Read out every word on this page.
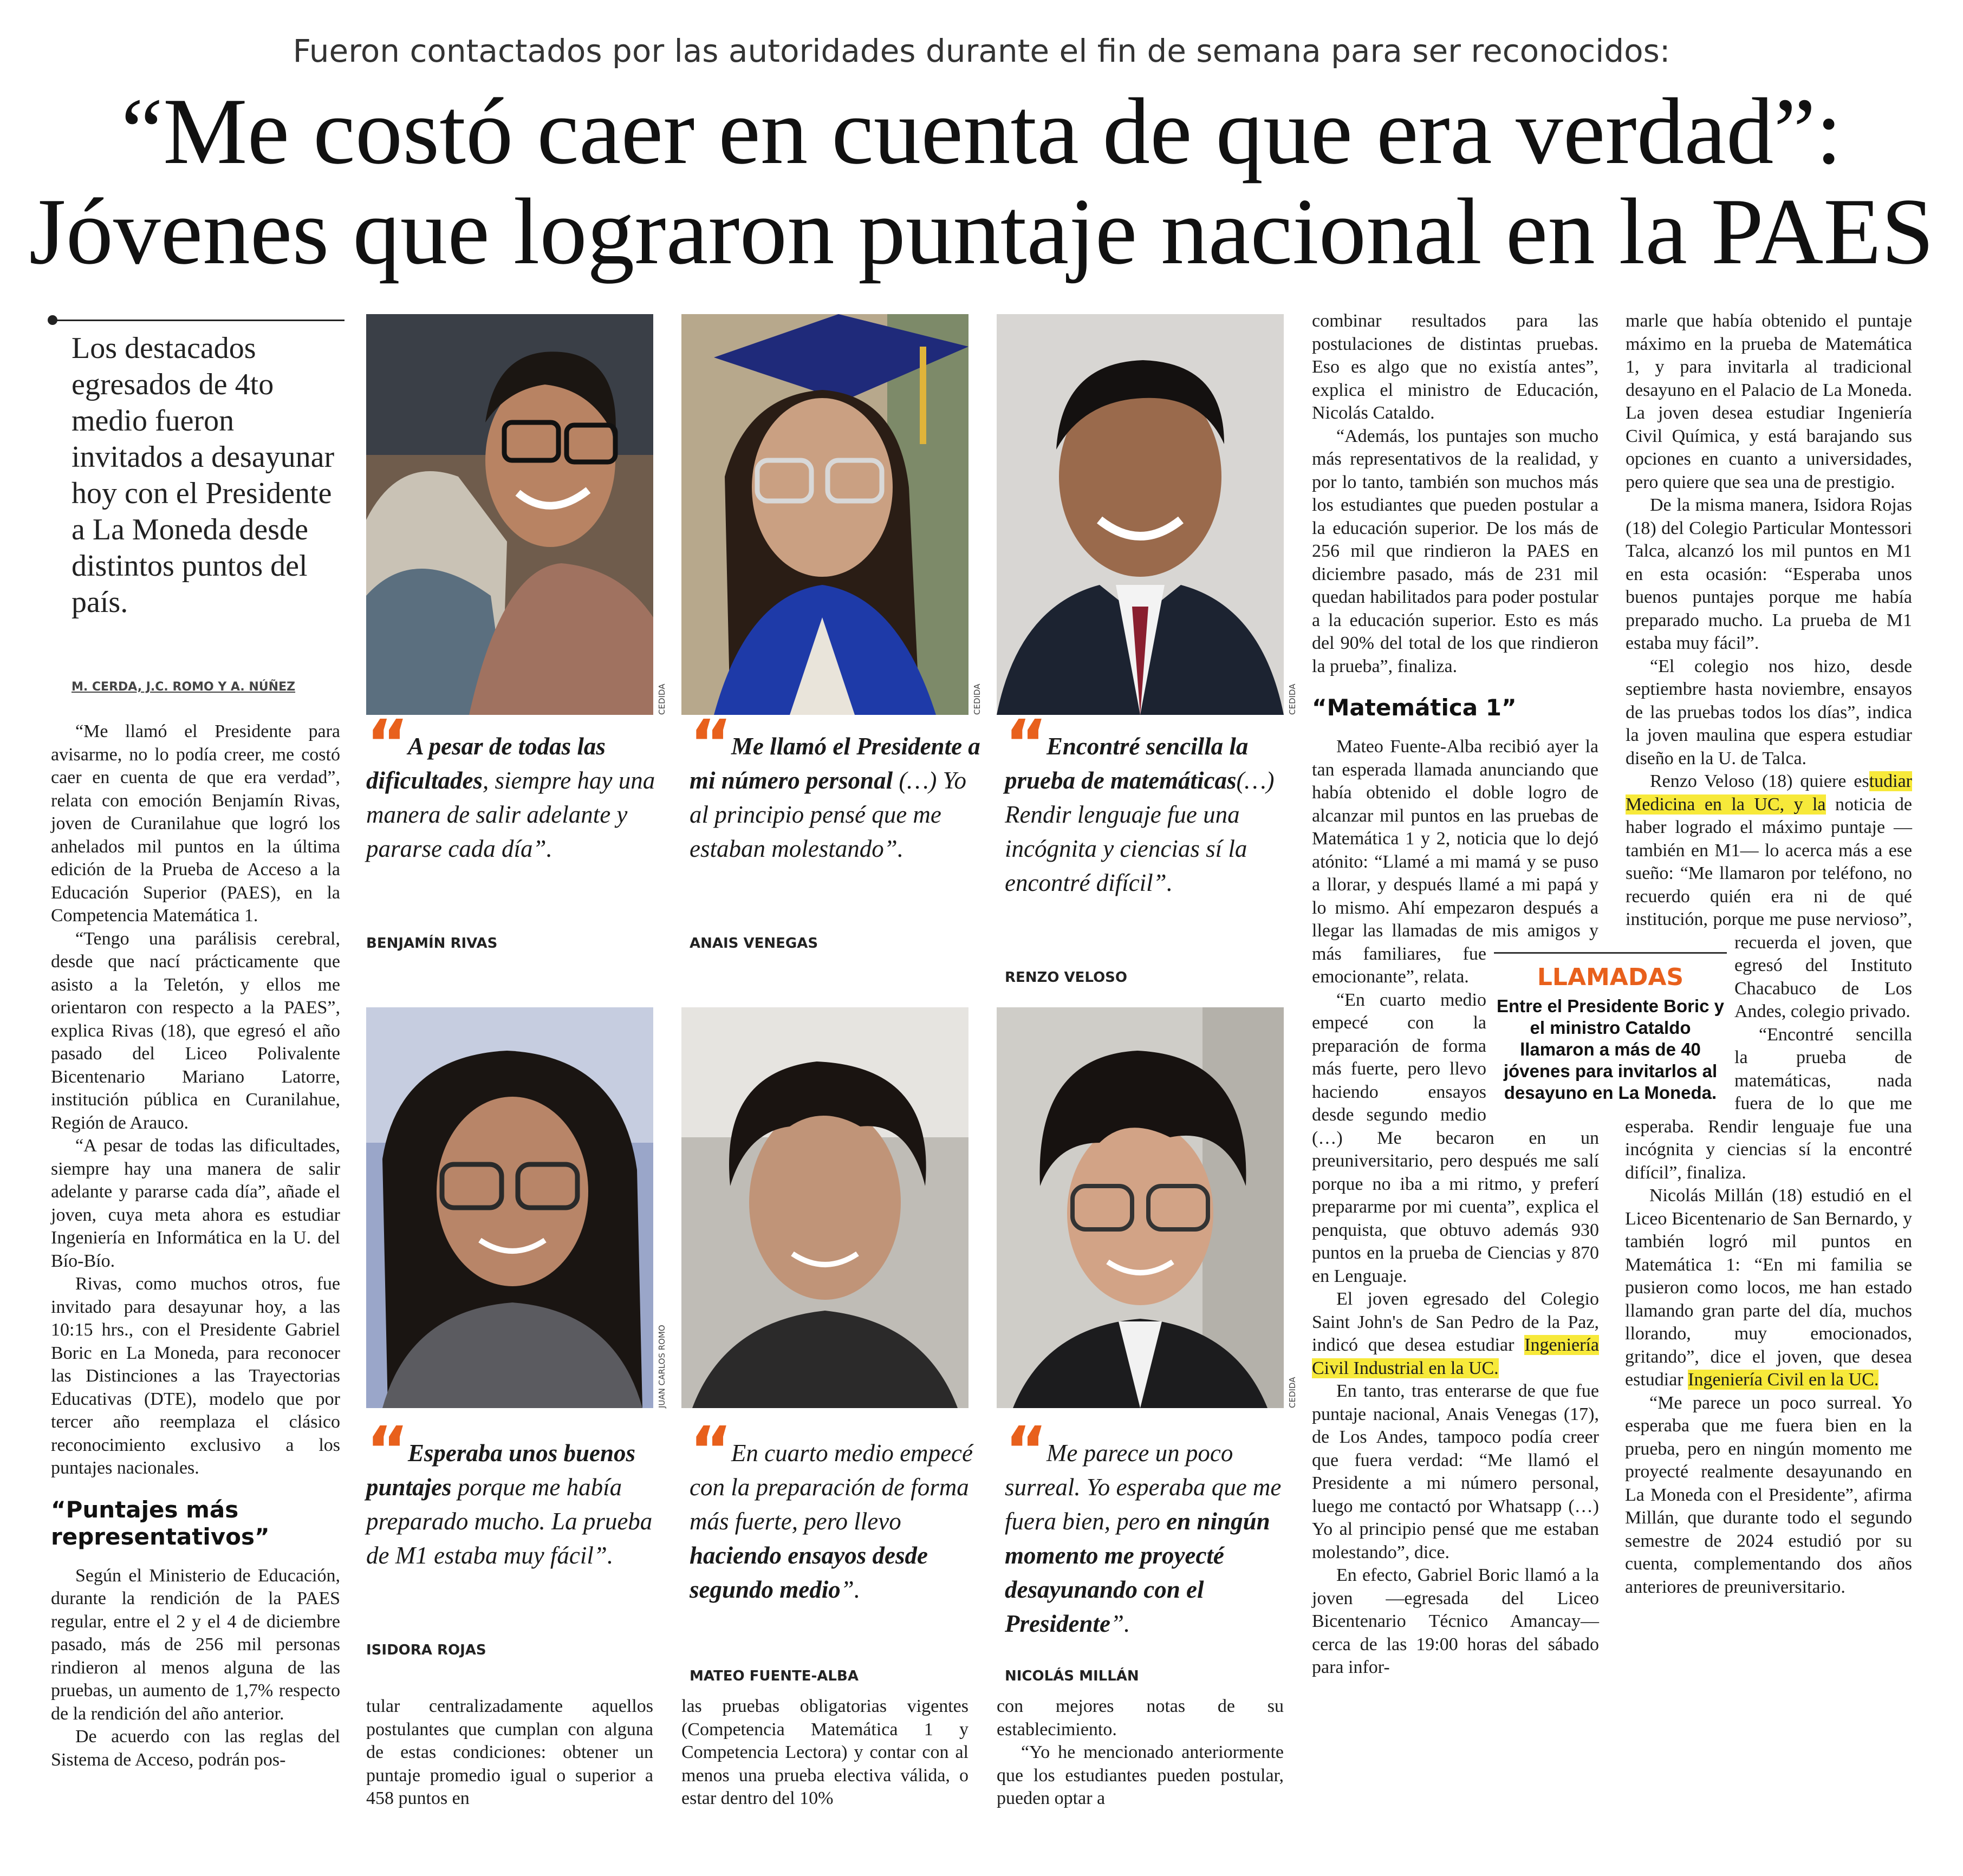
Fueron contactados por las autoridades durante el fin de semana para ser reconocidos:
“Me costó caer en cuenta de que era verdad”:
Jóvenes que lograron puntaje nacional en la PAES
Los destacados egresados de 4to medio fueron invitados a desayunar hoy con el Presidente a La Moneda desde distintos puntos del país.
M. CERDA, J.C. ROMO Y A. NÚÑEZ

“Me llamó el Presidente para avisarme, no lo podía creer, me costó caer en cuenta de que era verdad”, relata con emoción Benjamín Rivas, joven de Curanilahue que logró los anhelados mil puntos en la última edición de la Prueba de Acceso a la Educación Superior (PAES), en la Competencia Matemática 1.

“Tengo una parálisis cerebral, desde que nací prácticamente que asisto a la Teletón, y ellos me orientaron con respecto a la PAES”, explica Rivas (18), que egresó el año pasado del Liceo Polivalente Bicentenario Mariano Latorre, institución pública en Curanilahue, Región de Arauco.

“A pesar de todas las dificultades, siempre hay una manera de salir adelante y pararse cada día”, añade el joven, cuya meta ahora es estudiar Ingeniería en Informática en la U. del Bío-Bío.

Rivas, como muchos otros, fue invitado para desayunar hoy, a las 10:15 hrs., con el Presidente Gabriel Boric en La Moneda, para reconocer las Distinciones a las Trayectorias Educativas (DTE), modelo que por tercer año reemplaza el clásico reconocimiento exclusivo a los puntajes nacionales.

“Puntajes más representativos”

Según el Ministerio de Educación, durante la rendición de la PAES regular, entre el 2 y el 4 de diciembre pasado, más de 256 mil personas rindieron al menos alguna de las pruebas, un aumento de 1,7% respecto de la rendición del año anterior.

De acuerdo con las reglas del Sistema de Acceso, podrán pos-

CEDIDA	CEDIDA	CEDIDA
“ A pesar de todas las dificultades, siempre hay una manera de salir adelante y pararse cada día”.
BENJAMÍN RIVAS
“ Me llamó el Presidente a mi número personal (…) Yo al principio pensé que me estaban molestando”.
ANAIS VENEGAS
“ Encontré sencilla la prueba de matemáticas(…) Rendir lenguaje fue una incógnita y ciencias sí la encontré difícil”.
RENZO VELOSO
JUAN CARLOS ROMO	CEDIDA
“ Esperaba unos buenos puntajes porque me había preparado mucho. La prueba de M1 estaba muy fácil”.
ISIDORA ROJAS
“ En cuarto medio empecé con la preparación de forma más fuerte, pero llevo haciendo ensayos desde segundo medio”.
MATEO FUENTE-ALBA
“ Me parece un poco surreal. Yo esperaba que me fuera bien, pero en ningún momento me proyecté desayunando con el Presidente”.
NICOLÁS MILLÁN

tular centralizadamente aquellos postulantes que cumplan con alguna de estas condiciones: obtener un puntaje promedio igual o superior a 458 puntos en

las pruebas obligatorias vigentes (Competencia Matemática 1 y Competencia Lectora) y contar con al menos una prueba electiva válida, o estar dentro del 10%

con mejores notas de su establecimiento.

“Yo he mencionado anteriormente que los estudiantes pueden postular, pueden optar a

combinar resultados para las postulaciones de distintas pruebas. Eso es algo que no existía antes”, explica el ministro de Educación, Nicolás Cataldo.

“Además, los puntajes son mucho más representativos de la realidad, y por lo tanto, también son muchos más los estudiantes que pueden postular a la educación superior. De los más de 256 mil que rindieron la PAES en diciembre pasado, más de 231 mil quedan habilitados para poder postular a la educación superior. Esto es más del 90% del total de los que rindieron la prueba”, finaliza.

“Matemática 1”

Mateo Fuente-Alba recibió ayer la tan esperada llamada anunciando que había obtenido el doble logro de alcanzar mil puntos en las pruebas de Matemática 1 y 2, noticia que lo dejó atónito: “Llamé a mi mamá y se puso a llorar, y después llamé a mi papá y lo mismo. Ahí empezaron después a llegar las llamadas de mis amigos y más familiares, fue emocionante”, relata.

“En cuarto medio empecé con la preparación de forma más fuerte, pero llevo haciendo ensayos desde segundo medio (…) Me becaron en un preuniversitario, pero después me salí porque no iba a mi ritmo, y preferí prepararme por mi cuenta”, explica el penquista, que obtuvo además 930 puntos en la prueba de Ciencias y 870 en Lenguaje.

El joven egresado del Colegio Saint John's de San Pedro de la Paz, indicó que desea estudiar Ingeniería Civil Industrial en la UC.

En tanto, tras enterarse de que fue puntaje nacional, Anais Venegas (17), de Los Andes, tampoco podía creer que fuera verdad: “Me llamó el Presidente a mi número personal, luego me contactó por Whatsapp (…) Yo al principio pensé que me estaban molestando”, dice.

En efecto, Gabriel Boric llamó a la joven —egresada del Liceo Bicentenario Técnico Amancay— cerca de las 19:00 horas del sábado para infor-

marle que había obtenido el puntaje máximo en la prueba de Matemática 1, y para invitarla al tradicional desayuno en el Palacio de La Moneda. La joven desea estudiar Ingeniería Civil Química, y está barajando sus opciones en cuanto a universidades, pero quiere que sea una de prestigio.

De la misma manera, Isidora Rojas (18) del Colegio Particular Montessori Talca, alcanzó los mil puntos en M1 en esta ocasión: “Esperaba unos buenos puntajes porque me había preparado mucho. La prueba de M1 estaba muy fácil”.

“El colegio nos hizo, desde septiembre hasta noviembre, ensayos de las pruebas todos los días”, indica la joven maulina que espera estudiar diseño en la U. de Talca.

Renzo Veloso (18) quiere estudiar Medicina en la UC, y la noticia de haber logrado el máximo puntaje —también en M1— lo acerca más a ese sueño: “Me llamaron por teléfono, no recuerdo quién era ni de qué institución, porque me puse nervioso”, recuerda el joven, que egresó del Instituto Chacabuco de Los Andes, colegio privado.

“Encontré sencilla la prueba de matemáticas, nada fuera de lo que me esperaba. Rendir lenguaje fue una incógnita y ciencias sí la encontré difícil”, finaliza.

Nicolás Millán (18) estudió en el Liceo Bicentenario de San Bernardo, y también logró mil puntos en Matemática 1: “En mi familia se pusieron como locos, me han estado llamando gran parte del día, muchos llorando, muy emocionados, gritando”, dice el joven, que desea estudiar Ingeniería Civil en la UC.

“Me parece un poco surreal. Yo esperaba que me fuera bien en la prueba, pero en ningún momento me proyecté realmente desayunando en La Moneda con el Presidente”, afirma Millán, que durante todo el segundo semestre de 2024 estudió por su cuenta, complementando dos años anteriores de preuniversitario.

LLAMADAS
Entre el Presidente Boric y el ministro Cataldo llamaron a más de 40 jóvenes para invitarlos al desayuno en La Moneda.
